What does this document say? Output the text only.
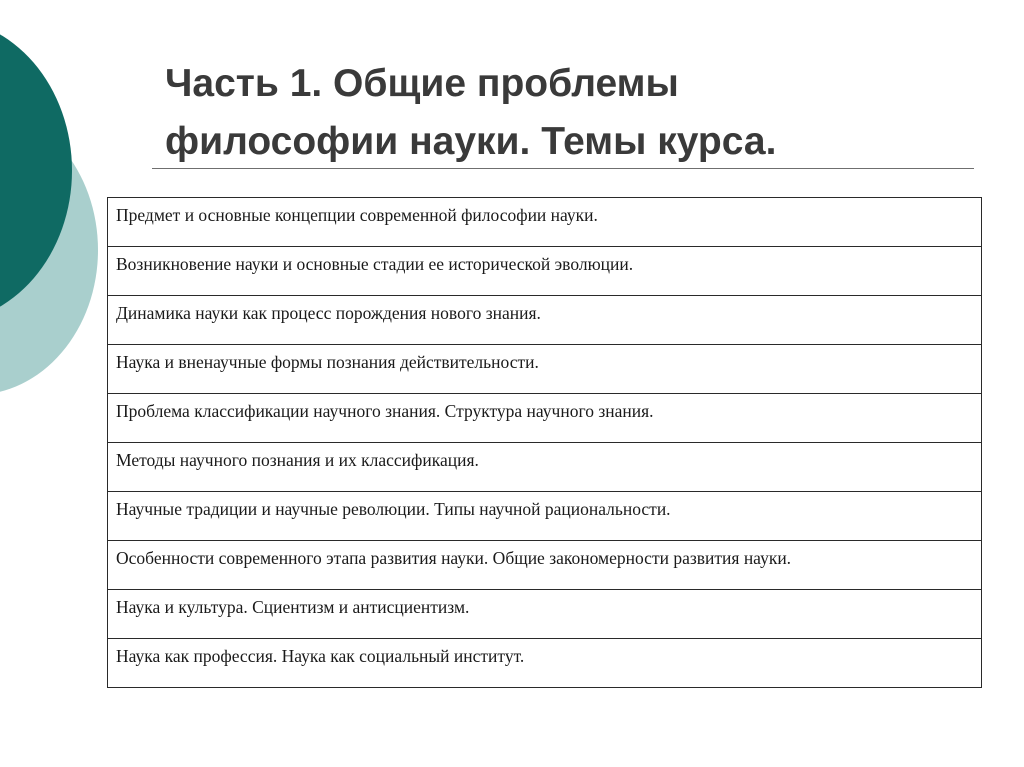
Часть 1. Общие проблемы
философии науки. Темы курса.
Предмет и основные концепции современной философии науки.
Возникновение науки и основные стадии ее исторической эволюции.
Динамика науки как процесс порождения нового знания.
Наука и вненаучные формы познания действительности.
Проблема классификации научного знания. Структура научного знания.
Методы научного познания и их классификация.
Научные традиции и научные революции. Типы научной рациональности.
Особенности современного этапа развития науки. Общие закономерности развития науки.
Наука и культура. Сциентизм и антисциентизм.
Наука как профессия. Наука как социальный институт.
